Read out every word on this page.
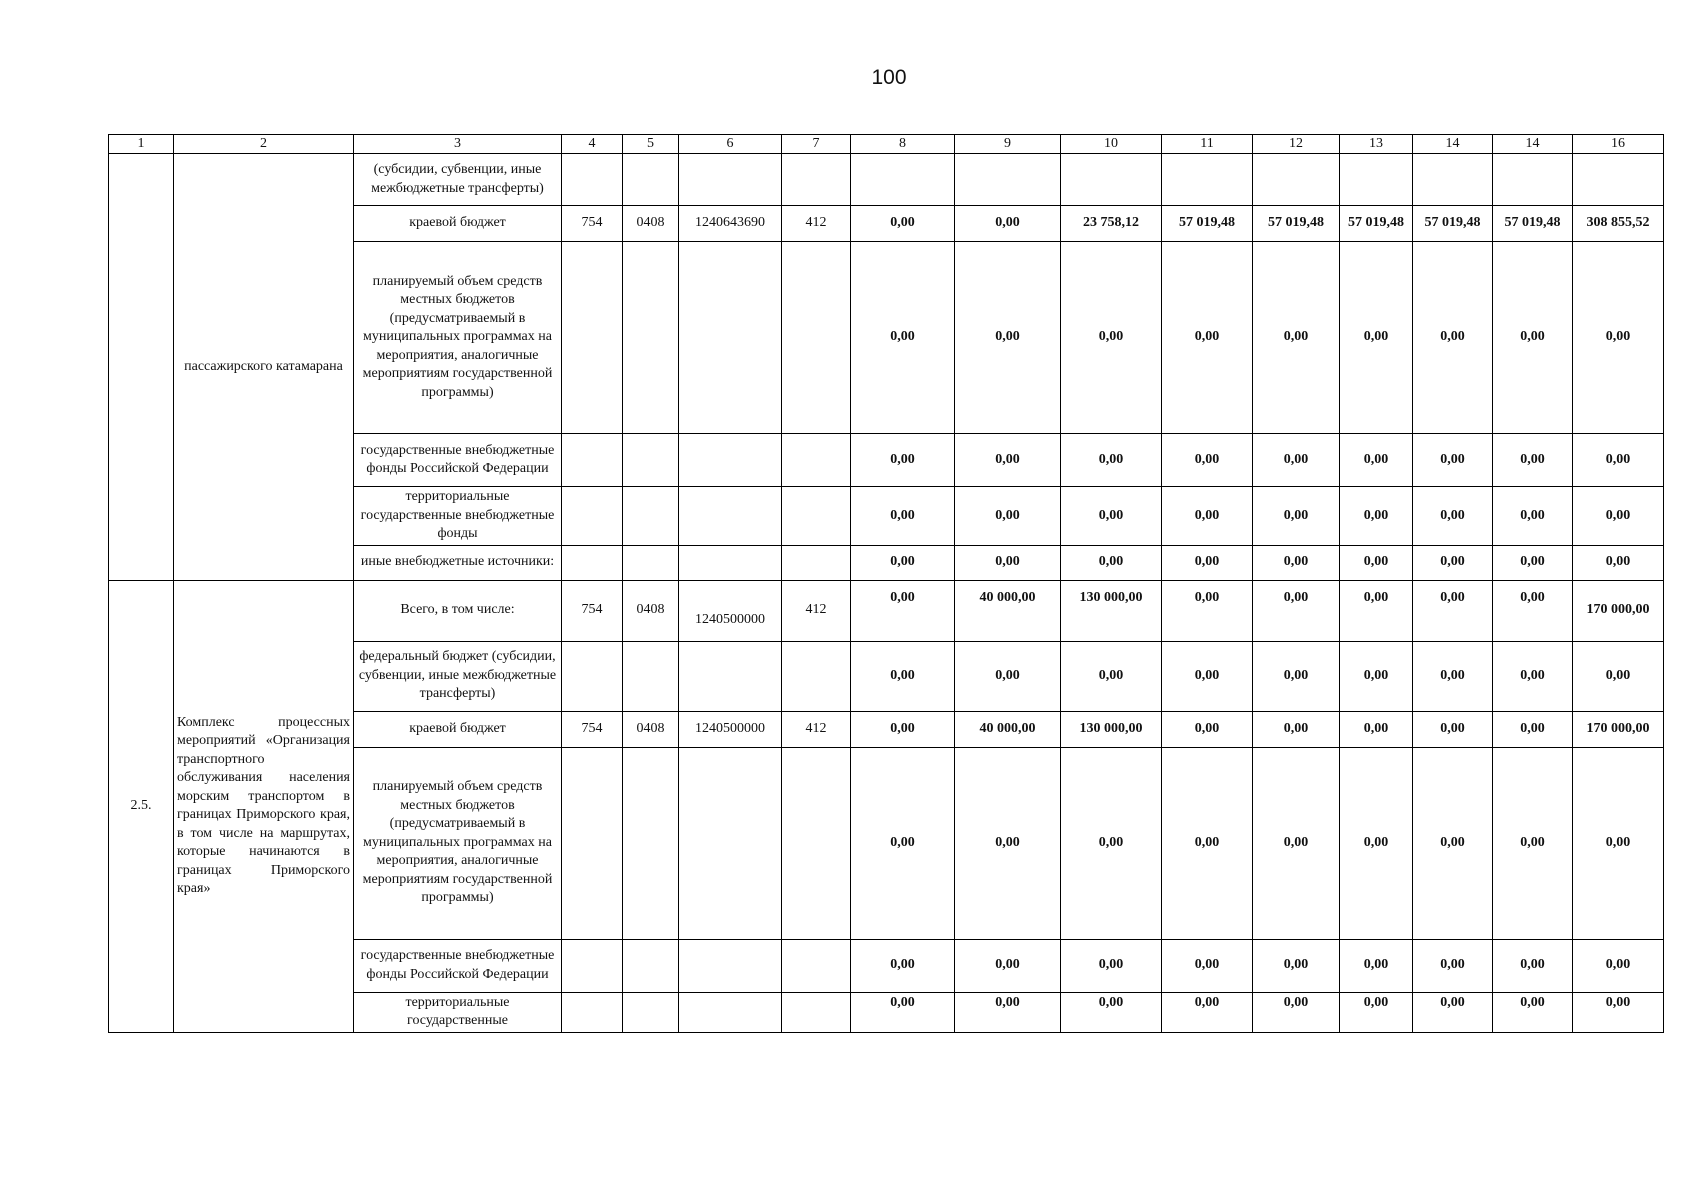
100
1	2	3	4	5	6	7	8	9	10	11	12	13	14	14	16
	пассажирского катамарана	(субсидии, субвенции, иные межбюджетные трансферты)													
		краевой бюджет	754	0408	1240643690	412	0,00	0,00	23 758,12	57 019,48	57 019,48	57 019,48	57 019,48	57 019,48	308 855,52
		планируемый объем средств местных бюджетов (предусматриваемый в муниципальных программах на мероприятия, аналогичные мероприятиям государственной программы)					0,00	0,00	0,00	0,00	0,00	0,00	0,00	0,00	0,00
		государственные внебюджетные фонды Российской Федерации					0,00	0,00	0,00	0,00	0,00	0,00	0,00	0,00	0,00
		территориальные государственные внебюджетные фонды					0,00	0,00	0,00	0,00	0,00	0,00	0,00	0,00	0,00
		иные внебюджетные источники:					0,00	0,00	0,00	0,00	0,00	0,00	0,00	0,00	0,00
2.5.	Комплекс процессных мероприятий «Организация транспортного обслуживания населения морским транспортом в границах Приморского края, в том числе на маршрутах, которые начинаются в границах Приморского края»	Всего, в том числе:	754	0408	1240500000	412	0,00	40 000,00	130 000,00	0,00	0,00	0,00	0,00	0,00	170 000,00
		федеральный бюджет (субсидии, субвенции, иные межбюджетные трансферты)					0,00	0,00	0,00	0,00	0,00	0,00	0,00	0,00	0,00
		краевой бюджет	754	0408	1240500000	412	0,00	40 000,00	130 000,00	0,00	0,00	0,00	0,00	0,00	170 000,00
		планируемый объем средств местных бюджетов (предусматриваемый в муниципальных программах на мероприятия, аналогичные мероприятиям государственной программы)					0,00	0,00	0,00	0,00	0,00	0,00	0,00	0,00	0,00
		государственные внебюджетные фонды Российской Федерации					0,00	0,00	0,00	0,00	0,00	0,00	0,00	0,00	0,00
		территориальные государственные					0,00	0,00	0,00	0,00	0,00	0,00	0,00	0,00	0,00
